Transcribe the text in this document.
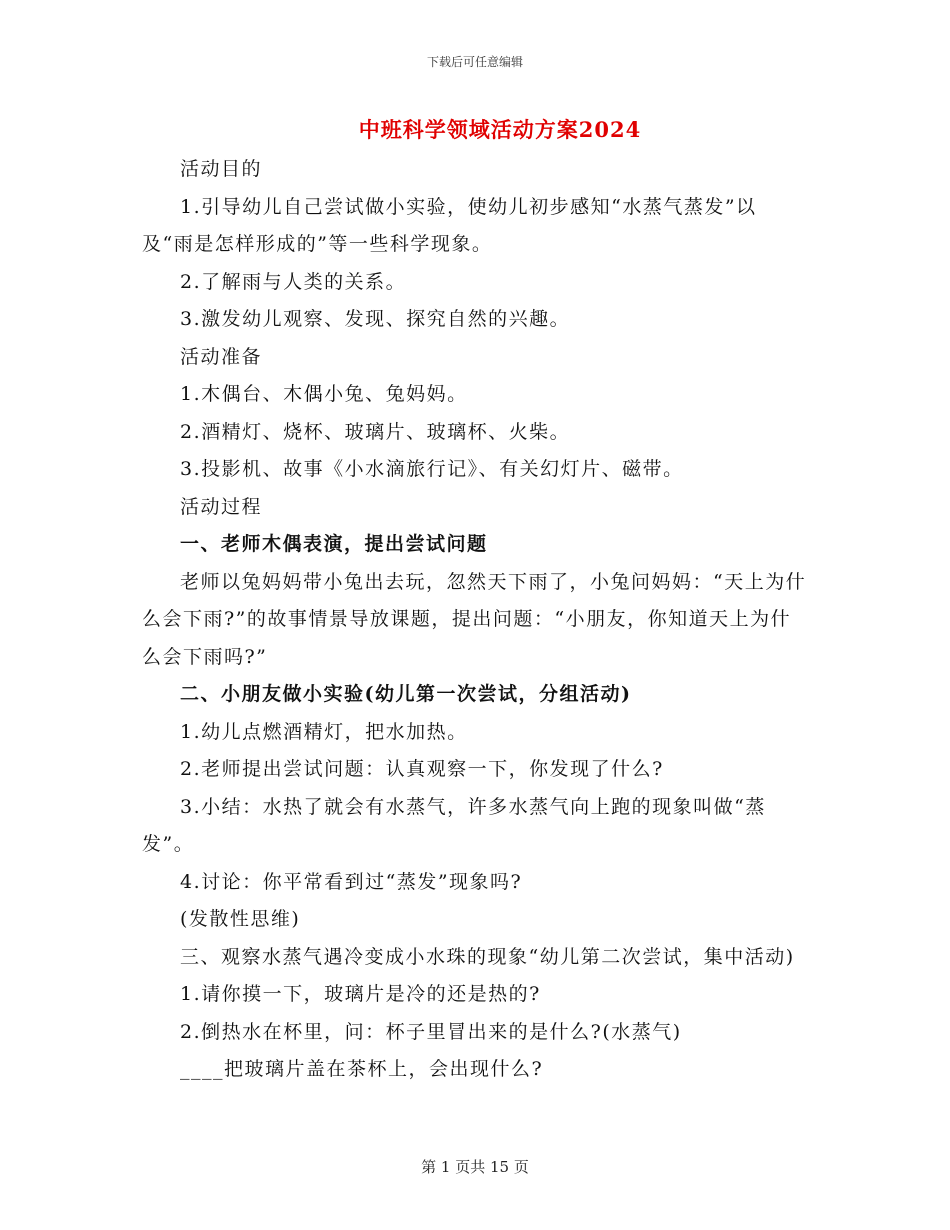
下载后可任意编辑
中班科学领域活动方案2024

活动目的

1.引导幼儿自己尝试做小实验，使幼儿初步感知“水蒸气蒸发”以及“雨是怎样形成的”等一些科学现象。

2.了解雨与人类的关系。

3.激发幼儿观察、发现、探究自然的兴趣。

活动准备

1.木偶台、木偶小兔、兔妈妈。

2.酒精灯、烧杯、玻璃片、玻璃杯、火柴。

3.投影机、故事《小水滴旅行记》、有关幻灯片、磁带。

活动过程

一、老师木偶表演，提出尝试问题

老师以兔妈妈带小兔出去玩，忽然天下雨了，小兔问妈妈：“天上为什么会下雨?”的故事情景导放课题，提出问题：“小朋友，你知道天上为什么会下雨吗?”

二、小朋友做小实验(幼儿第一次尝试，分组活动)

1.幼儿点燃酒精灯，把水加热。

2.老师提出尝试问题：认真观察一下，你发现了什么?

3.小结：水热了就会有水蒸气，许多水蒸气向上跑的现象叫做“蒸发”。

4.讨论：你平常看到过“蒸发”现象吗?

(发散性思维)

三、观察水蒸气遇冷变成小水珠的现象“幼儿第二次尝试，集中活动)

1.请你摸一下，玻璃片是冷的还是热的?

2.倒热水在杯里，问：杯子里冒出来的是什么?(水蒸气)

____把玻璃片盖在茶杯上，会出现什么?

第 1 页共 15 页
